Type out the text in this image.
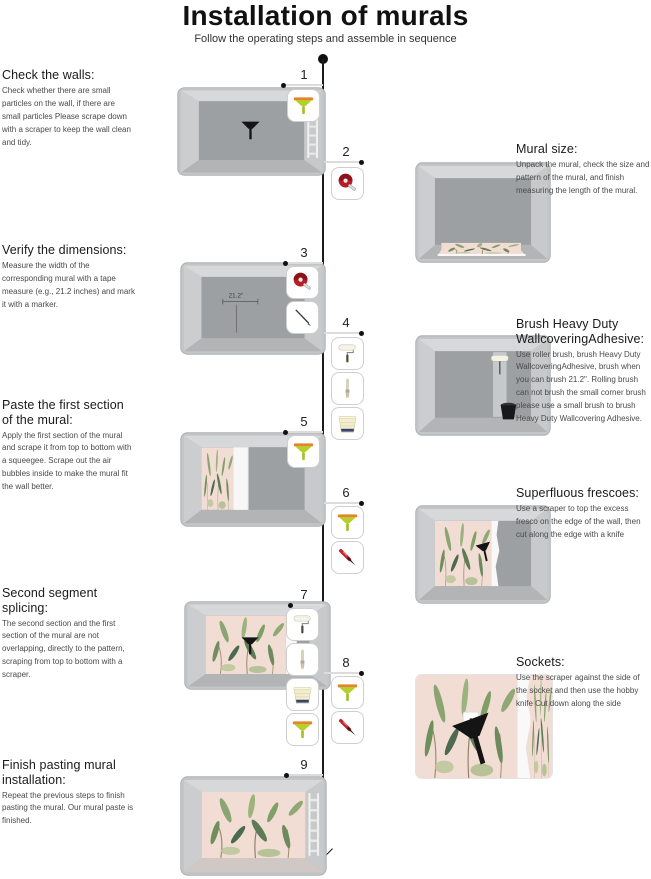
Installation of murals
Follow the operating steps and assemble in sequence
Check the walls:

Check whether there are small particles on the wall, if there are small particles Please scrape down with a scraper to keep the wall clean and tidy.

1
2	Mural size:

Unpack the mural, check the size and pattern of the mural, and finish measuring the length of the mural.

Verify the dimensions:

Measure the width of the corresponding mural with a tape measure (e.g., 21.2 inches) and mark it with a marker.

21.2"
3
4	Brush Heavy Duty WallcoveringAdhesive:

Use roller brush, brush Heavy Duty WallcoveringAdhesive, brush when you can brush 21.2". Rolling brush can not brush the small corner brush please use a small brush to brush Heavy Duty Wallcovering Adhesive.

Paste the first section of the mural:

Apply the first section of the mural and scrape it from top to bottom with a squeegee. Scrape out the air bubbles inside to make the mural fit the wall better.

5
6	Superfluous frescoes:

Use a scraper to top the excess fresco on the edge of the wall, then cut along the edge with a knife

Second segment splicing:

The second section and the first section of the mural are not overlapping, directly to the pattern, scraping from top to bottom with a scraper.

7
8	Sockets:

Use the scraper against the side of the socket and then use the hobby knife Cut down along the side

Finish pasting mural installation:

Repeat the previous steps to finish pasting the mural. Our mural paste is finished.

9
